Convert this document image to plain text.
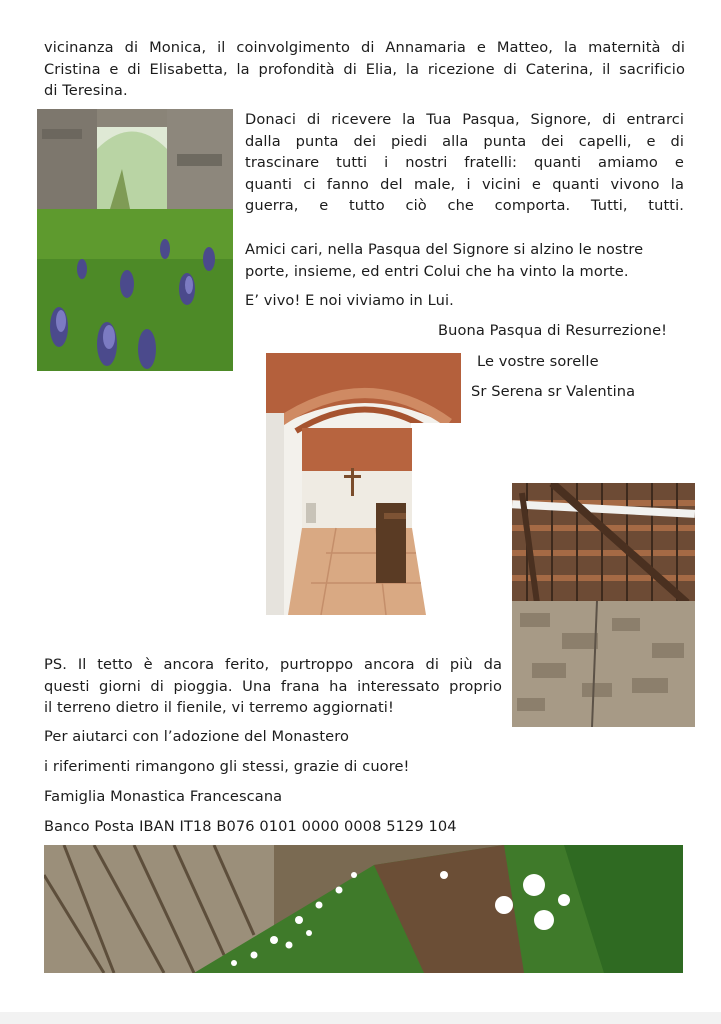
vicinanza di Monica, il coinvolgimento di Annamaria e Matteo, la maternità di
Cristina e di Elisabetta, la profondità di Elia, la ricezione di Caterina, il sacrificio
di Teresina.
Donaci di ricevere la Tua Pasqua, Signore, di entrarci
dalla punta dei piedi alla punta dei capelli, e di
trascinare tutti i nostri fratelli: quanti amiamo e
quanti ci fanno del male, i vicini e quanti vivono la
guerra, e tutto ciò che comporta. Tutti, tutti.
Amici cari, nella Pasqua del Signore si alzino le nostre
porte, insieme, ed entri Colui che ha vinto la morte.
E’ vivo! E noi viviamo in Lui.
Buona Pasqua di Resurrezione!
Le vostre sorelle
Sr Serena sr Valentina
PS. Il tetto è ancora ferito, purtroppo ancora di più da
questi giorni di pioggia. Una frana ha interessato proprio
il terreno dietro il fienile, vi terremo aggiornati!
Per aiutarci con l’adozione del Monastero
i riferimenti rimangono gli stessi, grazie di cuore!
Famiglia Monastica Francescana
Banco Posta IBAN IT18 B076 0101 0000 0008 5129 104
